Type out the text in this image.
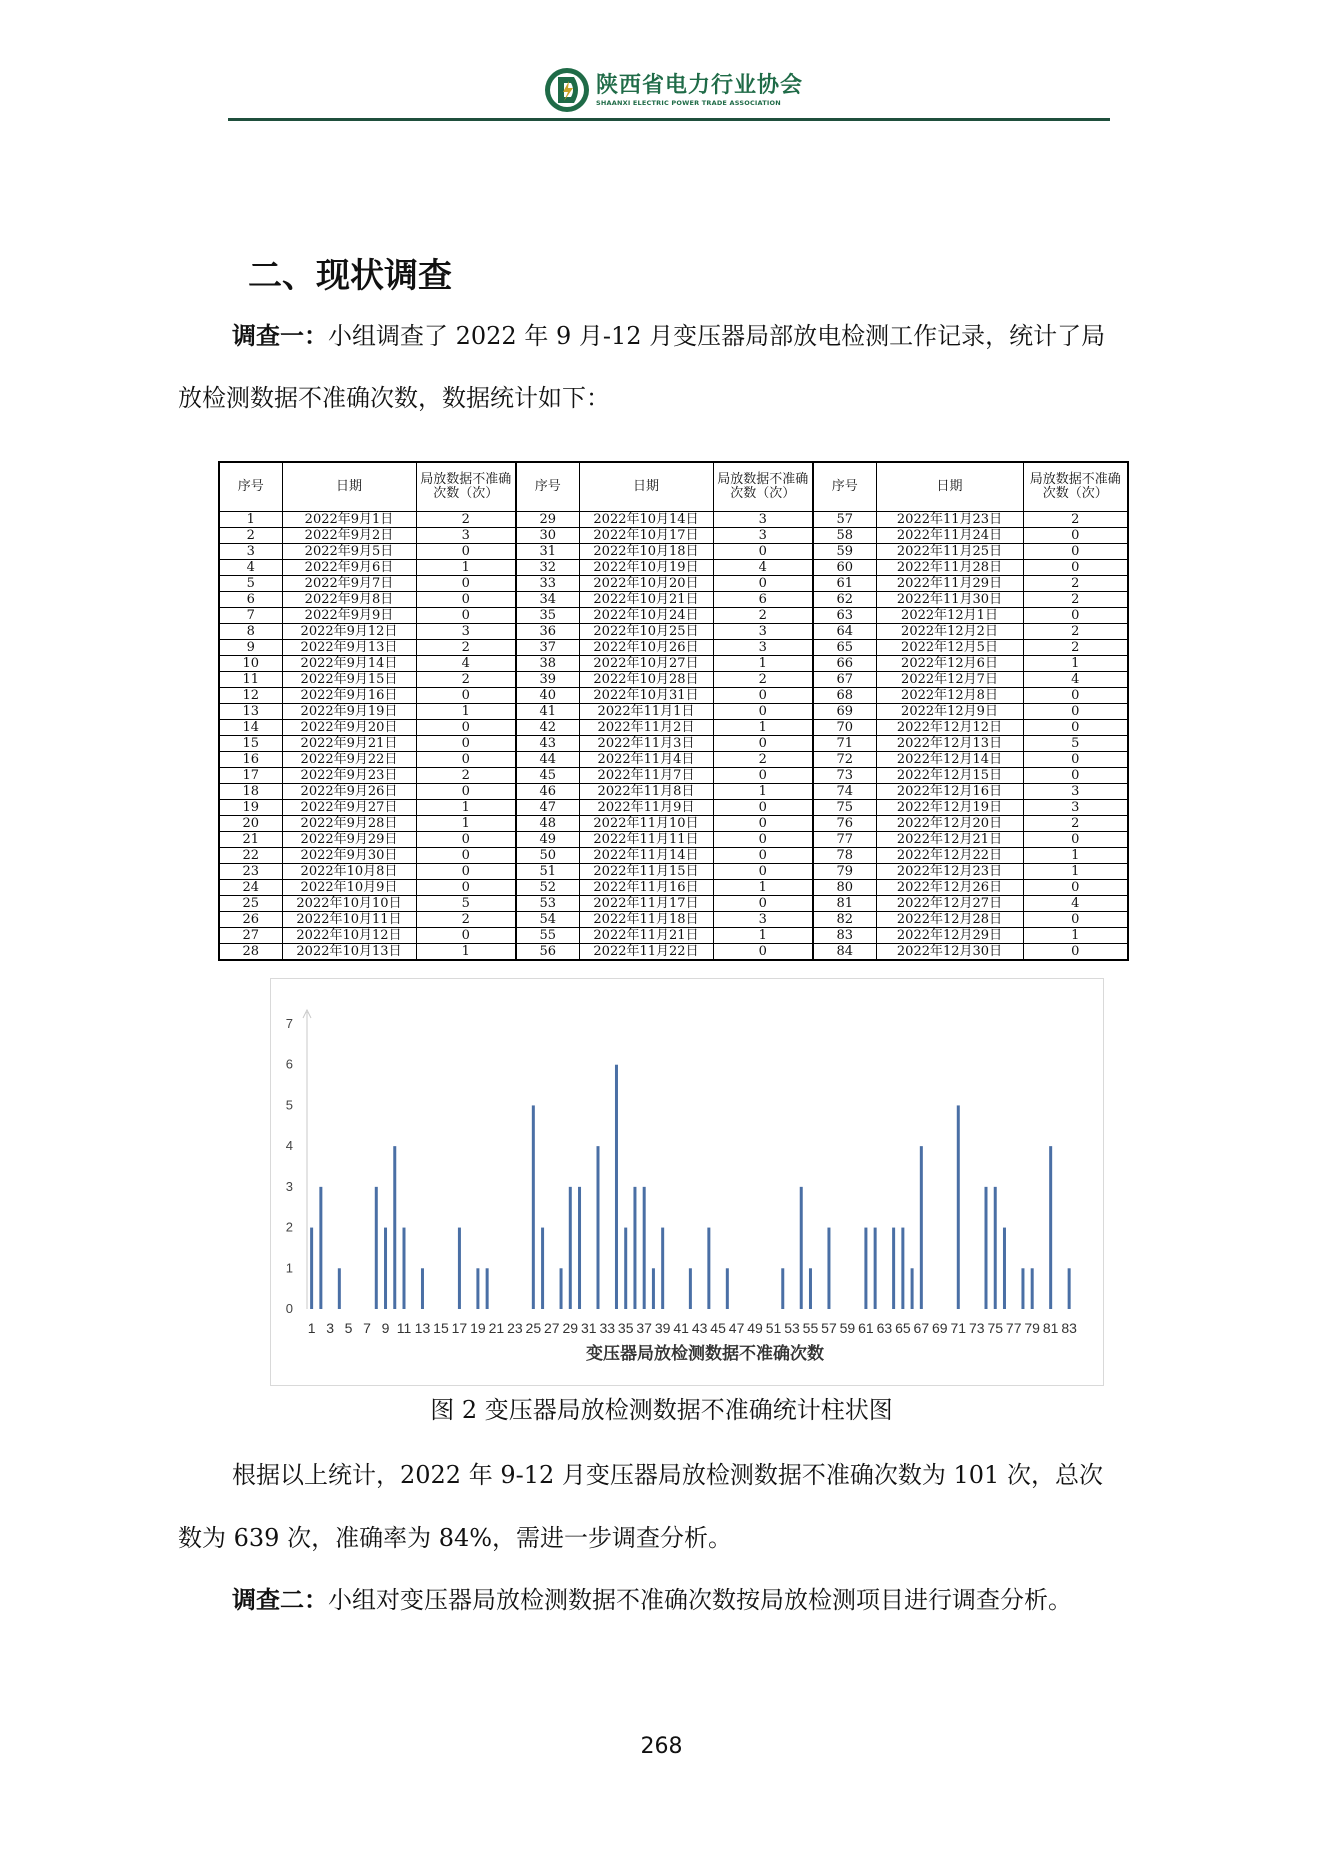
陕西省电力行业协会
SHAANXI ELECTRIC POWER TRADE ASSOCIATION
二、现状调查
调查一：小组调查了 2022 年 9 月-12 月变压器局部放电检测工作记录，统计了局
放检测数据不准确次数，数据统计如下：
序号	日期	局放数据不准确次数（次）	序号	日期	局放数据不准确次数（次）	序号	日期	局放数据不准确次数（次）
1	2022年9月1日	2	29	2022年10月14日	3	57	2022年11月23日	2
2	2022年9月2日	3	30	2022年10月17日	3	58	2022年11月24日	0
3	2022年9月5日	0	31	2022年10月18日	0	59	2022年11月25日	0
4	2022年9月6日	1	32	2022年10月19日	4	60	2022年11月28日	0
5	2022年9月7日	0	33	2022年10月20日	0	61	2022年11月29日	2
6	2022年9月8日	0	34	2022年10月21日	6	62	2022年11月30日	2
7	2022年9月9日	0	35	2022年10月24日	2	63	2022年12月1日	0
8	2022年9月12日	3	36	2022年10月25日	3	64	2022年12月2日	2
9	2022年9月13日	2	37	2022年10月26日	3	65	2022年12月5日	2
10	2022年9月14日	4	38	2022年10月27日	1	66	2022年12月6日	1
11	2022年9月15日	2	39	2022年10月28日	2	67	2022年12月7日	4
12	2022年9月16日	0	40	2022年10月31日	0	68	2022年12月8日	0
13	2022年9月19日	1	41	2022年11月1日	0	69	2022年12月9日	0
14	2022年9月20日	0	42	2022年11月2日	1	70	2022年12月12日	0
15	2022年9月21日	0	43	2022年11月3日	0	71	2022年12月13日	5
16	2022年9月22日	0	44	2022年11月4日	2	72	2022年12月14日	0
17	2022年9月23日	2	45	2022年11月7日	0	73	2022年12月15日	0
18	2022年9月26日	0	46	2022年11月8日	1	74	2022年12月16日	3
19	2022年9月27日	1	47	2022年11月9日	0	75	2022年12月19日	3
20	2022年9月28日	1	48	2022年11月10日	0	76	2022年12月20日	2
21	2022年9月29日	0	49	2022年11月11日	0	77	2022年12月21日	0
22	2022年9月30日	0	50	2022年11月14日	0	78	2022年12月22日	1
23	2022年10月8日	0	51	2022年11月15日	0	79	2022年12月23日	1
24	2022年10月9日	0	52	2022年11月16日	1	80	2022年12月26日	0
25	2022年10月10日	5	53	2022年11月17日	0	81	2022年12月27日	4
26	2022年10月11日	2	54	2022年11月18日	3	82	2022年12月28日	0
27	2022年10月12日	0	55	2022年11月21日	1	83	2022年12月29日	1
28	2022年10月13日	1	56	2022年11月22日	0	84	2022年12月30日	0
0
1
2
3
4
5
6
7
1 3 5 7 9 11 13 15 17 19 21 23 25 27 29 31 33 35 37 39 41 43 45 47 49 51 53 55 57 59 61 63 65 67 69 71 73 75 77 79 81 83
变压器局放检测数据不准确次数
图 2 变压器局放检测数据不准确统计柱状图
根据以上统计，2022 年 9-12 月变压器局放检测数据不准确次数为 101 次，总次
数为 639 次，准确率为 84%，需进一步调查分析。
调查二：小组对变压器局放检测数据不准确次数按局放检测项目进行调查分析。
268
